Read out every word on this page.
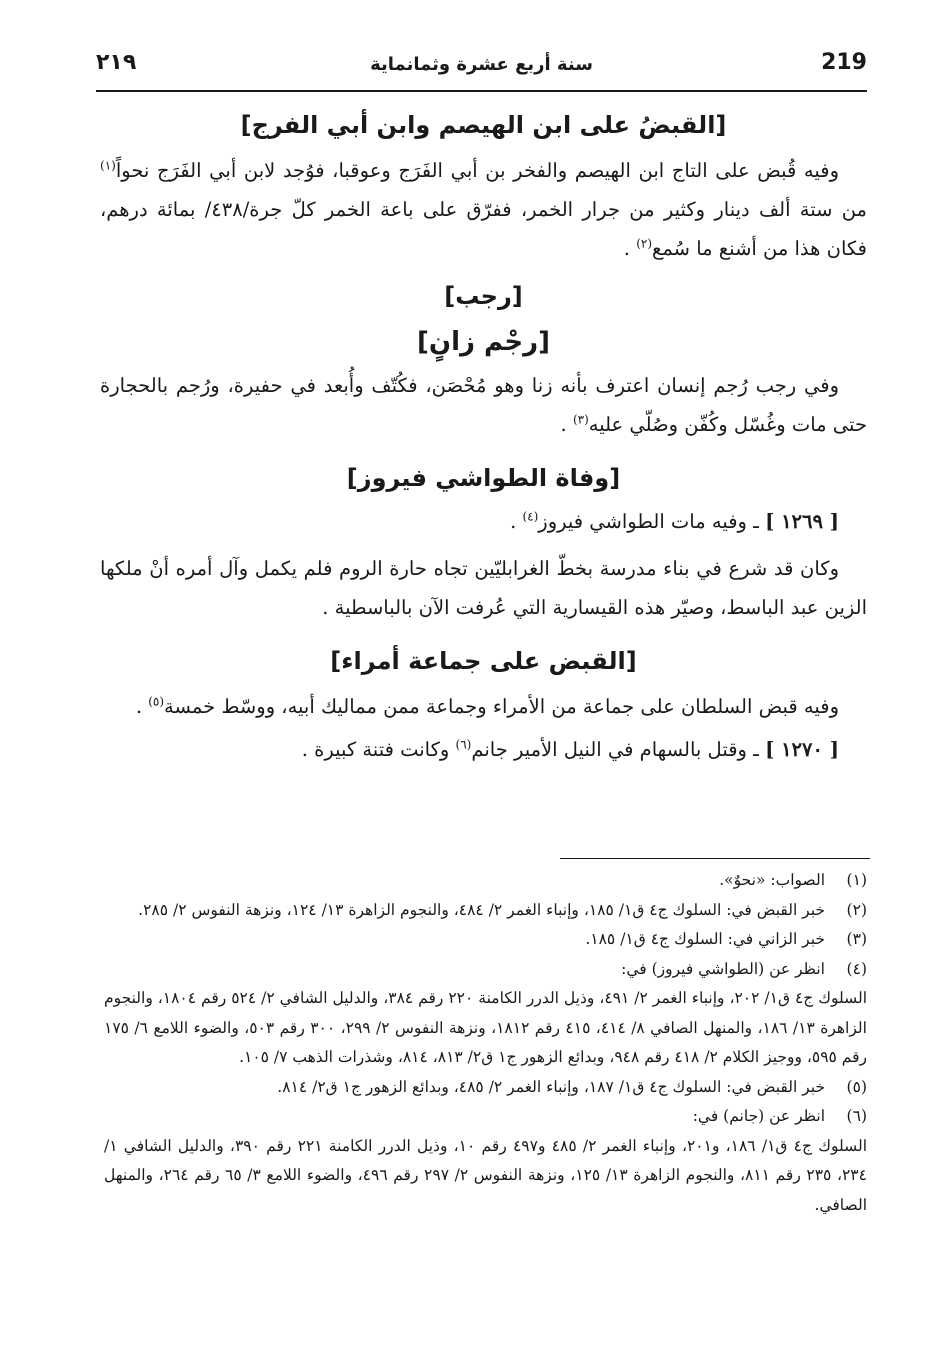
٢١٩	سنة أربع عشرة وثمانماية	219
[القبضُ على ابن الهيصم وابن أبي الفرج]

وفيه قُبض على التاج ابن الهيصم والفخر بن أبي الفَرَج وعوقبا، فوُجد لابن أبي الفَرَج نحواً$^{(١)}$ من ستة ألف دينار وكثير من جرار الخمر، ففرّق على باعة الخمر كلّ جرة/٤٣٨/ بمائة درهم، فكان هذا من أشنع ما سُمع$^{(٢)}$ .

[رجب]
[رجْم زانٍ]

وفي رجب رُجم إنسان اعترف بأنه زنا وهو مُحْصَن، فكُتّف وأُبعد في حفيرة، ورُجم بالحجارة حتى مات وغُسّل وكُفّن وصُلّي عليه$^{(٣)}$ .

[وفاة الطواشي فيروز]

[ ١٢٦٩ ] ـ وفيه مات الطواشي فيروز$^{(٤)}$ .

وكان قد شرع في بناء مدرسة بخطّ الغرابليّين تجاه حارة الروم فلم يكمل وآل أمره أنْ ملكها الزين عبد الباسط، وصيّر هذه القيسارية التي عُرفت الآن بالباسطية .

[القبض على جماعة أمراء]

وفيه قبض السلطان على جماعة من الأمراء وجماعة ممن مماليك أبيه، ووسّط خمسة$^{(٥)}$ .

[ ١٢٧٠ ] ـ وقتل بالسهام في النيل الأمير جانم$^{(٦)}$ وكانت فتنة كبيرة .

(١)
الصواب: «نحوٌ».
(٢)
خبر القبض في: السلوك ج٤ ق١/ ١٨٥، وإنباء الغمر ٢/ ٤٨٤، والنجوم الزاهرة ١٣/ ١٢٤، ونزهة النفوس ٢/ ٢٨٥.
(٣)
خبر الزاني في: السلوك ج٤ ق١/ ١٨٥.
(٤)
انظر عن (الطواشي فيروز) في:
السلوك ج٤ ق١/ ٢٠٢، وإنباء الغمر ٢/ ٤٩١، وذيل الدرر الكامنة ٢٢٠ رقم ٣٨٤، والدليل الشافي ٢/ ٥٢٤ رقم ١٨٠٤، والنجوم الزاهرة ١٣/ ١٨٦، والمنهل الصافي ٨/ ٤١٤، ٤١٥ رقم ١٨١٢، ونزهة النفوس ٢/ ٢٩٩، ٣٠٠ رقم ٥٠٣، والضوء اللامع ٦/ ١٧٥ رقم ٥٩٥، ووجيز الكلام ٢/ ٤١٨ رقم ٩٤٨، وبدائع الزهور ج١ ق٢/ ٨١٣، ٨١٤، وشذرات الذهب ٧/ ١٠٥.
(٥)
خبر القبض في: السلوك ج٤ ق١/ ١٨٧، وإنباء الغمر ٢/ ٤٨٥، وبدائع الزهور ج١ ق٢/ ٨١٤.
(٦)
انظر عن (جانم) في:
السلوك ج٤ ق١/ ١٨٦، و٢٠١، وإنباء الغمر ٢/ ٤٨٥ و٤٩٧ رقم ١٠، وذيل الدرر الكامنة ٢٢١ رقم ٣٩٠، والدليل الشافي ١/ ٢٣٤، ٢٣٥ رقم ٨١١، والنجوم الزاهرة ١٣/ ١٢٥، ونزهة النفوس ٢/ ٢٩٧ رقم ٤٩٦، والضوء اللامع ٣/ ٦٥ رقم ٢٦٤، والمنهل الصافي.
